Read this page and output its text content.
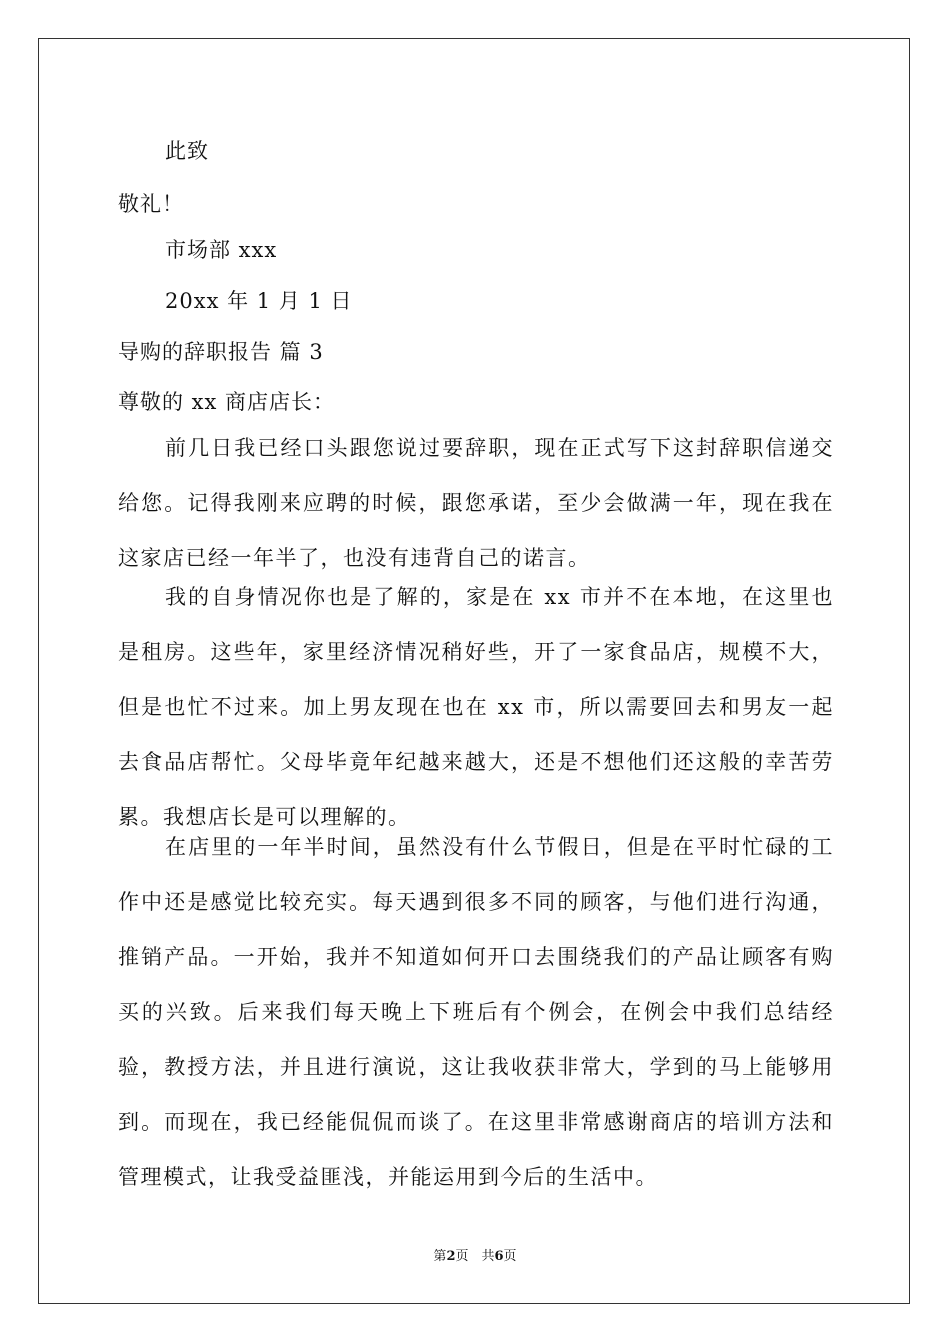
此致
敬礼！
市场部 xxx
20xx 年 1 月 1 日
导购的辞职报告 篇 3
尊敬的 xx 商店店长：
前几日我已经口头跟您说过要辞职，现在正式写下这封辞职信递交给您。记得我刚来应聘的时候，跟您承诺，至少会做满一年，现在我在这家店已经一年半了，也没有违背自己的诺言。
我的自身情况你也是了解的，家是在 xx 市并不在本地，在这里也是租房。这些年，家里经济情况稍好些，开了一家食品店，规模不大，但是也忙不过来。加上男友现在也在 xx 市，所以需要回去和男友一起去食品店帮忙。父母毕竟年纪越来越大，还是不想他们还这般的幸苦劳累。我想店长是可以理解的。
在店里的一年半时间，虽然没有什么节假日，但是在平时忙碌的工作中还是感觉比较充实。每天遇到很多不同的顾客，与他们进行沟通，推销产品。一开始，我并不知道如何开口去围绕我们的产品让顾客有购买的兴致。后来我们每天晚上下班后有个例会，在例会中我们总结经验，教授方法，并且进行演说，这让我收获非常大，学到的马上能够用到。而现在，我已经能侃侃而谈了。在这里非常感谢商店的培训方法和管理模式，让我受益匪浅，并能运用到今后的生活中。
第2页　共6页
